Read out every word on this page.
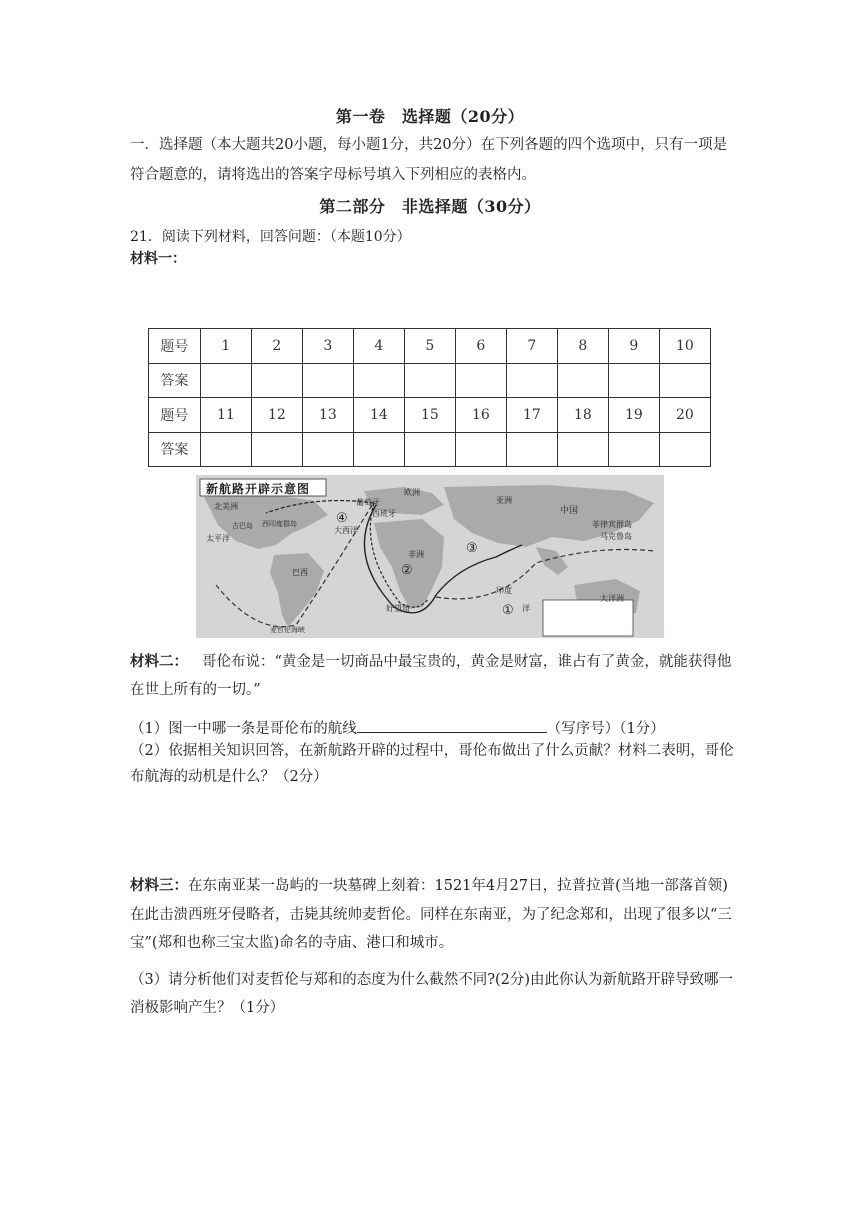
第一卷　选择题（20分）
一．选择题（本大题共20小题，每小题1分，共20分）在下列各题的四个选项中，只有一项是符合题意的，请将选出的答案字母标号填入下列相应的表格内。
第二部分　非选择题（30分）
21．阅读下列材料，回答问题：（本题10分）
材料一：
题号	1	2	3	4	5	6	7	8	9	10
答案										
题号	11	12	13	14	15	16	17	18	19	20
答案										
新航路开辟示意图
北美洲	葡萄牙
西班牙
欧洲
亚洲
中国
菲律宾群岛
马克鲁岛
古巴岛 西印度群岛
大西洋
太平洋
巴西
非洲
好望角
印度
洋
麦哲伦海峡
大洋洲
①
②
③
④
材料二： 哥伦布说：“黄金是一切商品中最宝贵的，黄金是财富，谁占有了黄金，就能获得他在世上所有的一切。”
（1）图一中哪一条是哥伦布的航线	（写序号）（1分）
（2）依据相关知识回答，在新航路开辟的过程中，哥伦布做出了什么贡献？材料二表明，哥伦布航海的动机是什么？（2分）
材料三：在东南亚某一岛屿的一块墓碑上刻着：1521年4月27日，拉普拉普(当地一部落首领)在此击溃西班牙侵略者，击毙其统帅麦哲伦。同样在东南亚，为了纪念郑和，出现了很多以“三宝”(郑和也称三宝太监)命名的寺庙、港口和城市。
（3）请分析他们对麦哲伦与郑和的态度为什么截然不同?(2分)由此你认为新航路开辟导致哪一消极影响产生？（1分）
